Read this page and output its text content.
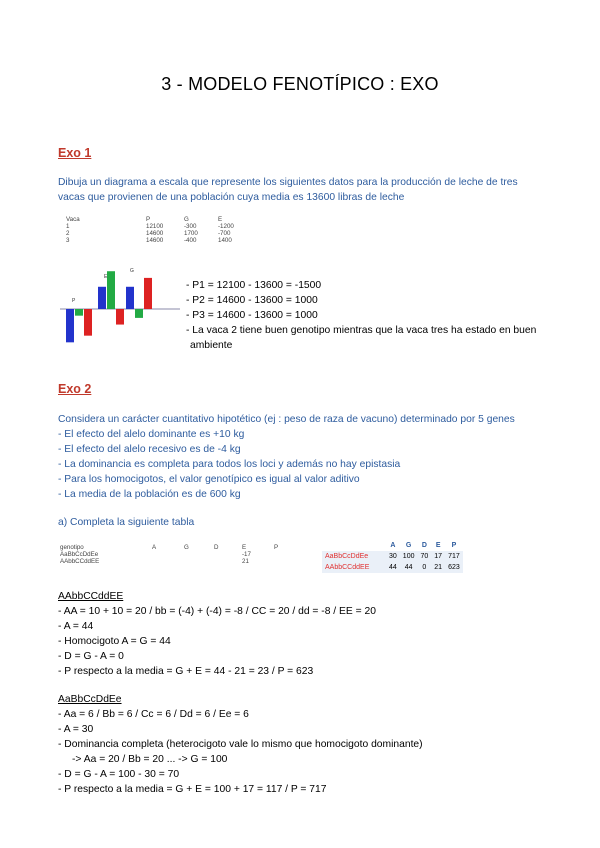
3 - MODELO FENOTÍPICO : EXO
Exo 1
Dibuja un diagrama a escala que represente los siguientes datos para la producción de leche de tres
vacas que provienen de una población cuya media es 13600 libras de leche
Vaca	P	G	E
1	12100	-300	-1200
2	14600	1700	-700
3	14600	-400	1400
P
E
G
- P1 = 12100 - 13600 = -1500
- P2 = 14600 - 13600 = 1000
- P3 = 14600 - 13600 = 1000
- La vaca 2 tiene buen genotipo mientras que la vaca tres ha estado en buen
ambiente
Exo 2
Considera un carácter cuantitativo hipotético (ej : peso de raza de vacuno) determinado por 5 genes
- El efecto del alelo dominante es +10 kg
- El efecto del alelo recesivo es de -4 kg
- La dominancia es completa para todos los loci y además no hay epistasia
- Para los homocigotos, el valor genotípico es igual al valor aditivo
- La media de la población es de 600 kg
a) Completa la siguiente tabla
genotipo	A	G	D	E	P
AaBbCcDdEe				-17	
AAbbCCddEE				21	
	A	G	D	E	P
AaBbCcDdEe	30	100	70	17	717
AAbbCCddEE	44	44	0	21	623
AAbbCCddEE
- AA = 10 + 10 = 20 / bb = (-4) + (-4) = -8 / CC = 20 / dd = -8 / EE = 20
- A = 44
- Homocigoto A = G = 44
- D = G - A = 0
- P respecto a la media = G + E = 44 - 21 = 23 / P = 623
AaBbCcDdEe
- Aa = 6 / Bb = 6 / Cc = 6 / Dd = 6 / Ee = 6
- A = 30
- Dominancia completa (heterocigoto vale lo mismo que homocigoto dominante)
-> Aa = 20 / Bb = 20 ... -> G = 100
- D = G - A = 100 - 30 = 70
- P respecto a la media = G + E = 100 + 17 = 117 / P = 717
